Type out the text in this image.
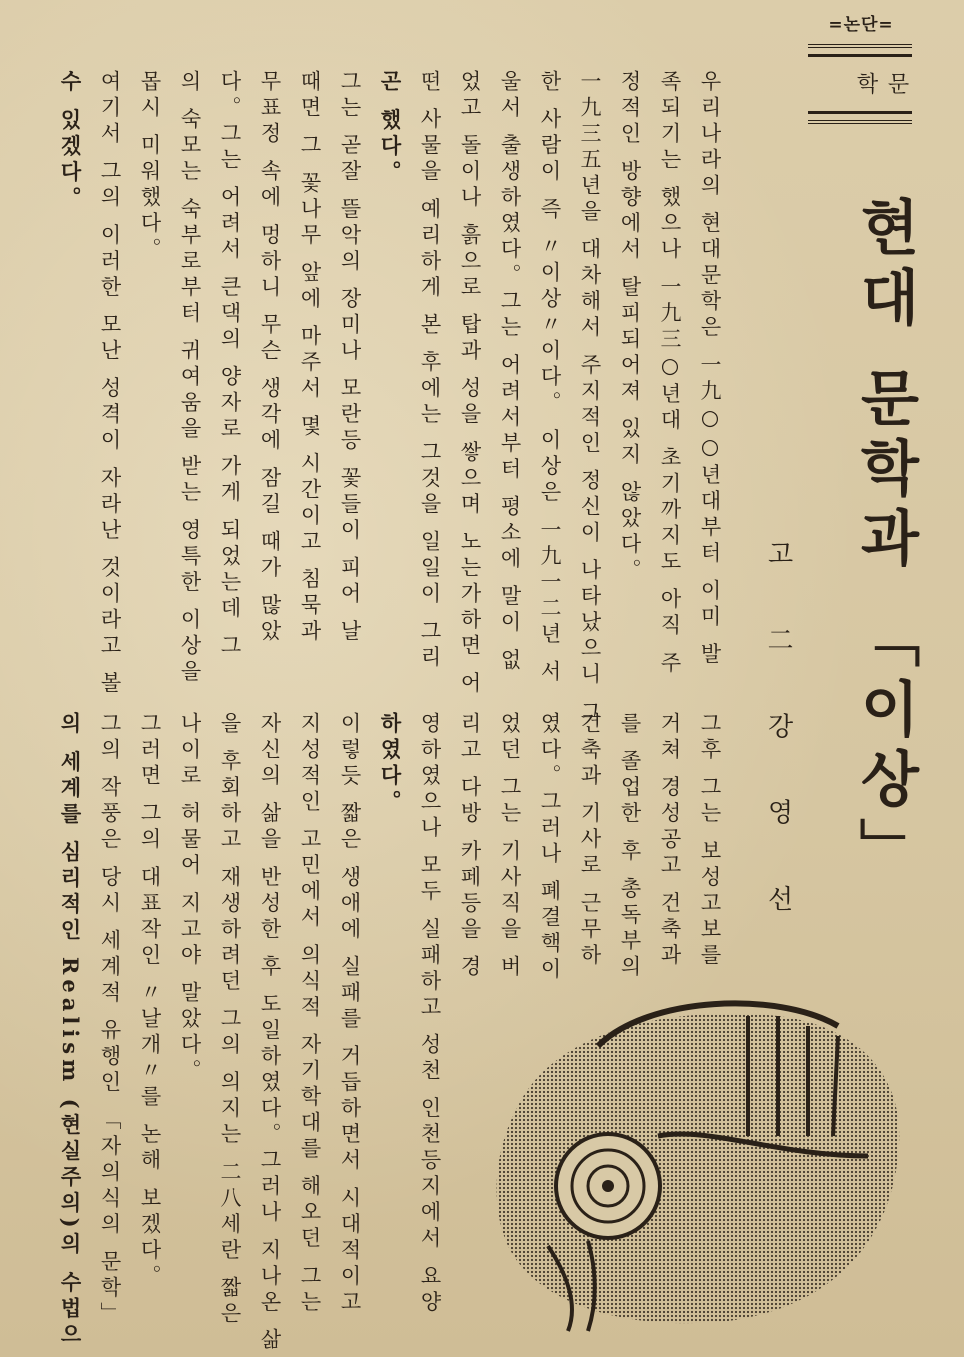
=논단=
문학
현대 문학과 「이상」
고 二 강 영 선
우리나라의 현대문학은 一九○○년대부터 이미 발
족되기는 했으나 一九三○년대 초기까지도 아직 주
정적인 방향에서 탈피되어져 있지 않았다。
一九三五년을 대차해서 주지적인 정신이 나타났으니 그
한 사람이 즉 〃이상〃이다。 이상은 一九一二년 서
울서 출생하였다。그는 어려서부터 평소에 말이 없
었고 돌이나 흙으로 탑과 성을 쌓으며 노는가하면 어
떤 사물을 예리하게 본 후에는 그것을 일일이 그리
곤 했다。
그는 곧잘 뜰악의 장미나 모란등 꽃들이 피어 날
때면 그 꽃나무 앞에 마주서 몇 시간이고 침묵과
무표정 속에 멍하니 무슨 생각에 잠길 때가 많았
다。그는 어려서 큰댁의 양자로 가게 되었는데 그
의 숙모는 숙부로부터 귀여움을 받는 영특한 이상을
몹시 미워했다。
여기서 그의 이러한 모난 성격이 자라난 것이라고 볼
수 있겠다。
그후 그는 보성고보를
거쳐 경성공고 건축과
를 졸업한 후 총독부의
건축과 기사로 근무하
였다。그러나 폐결핵이
었던 그는 기사직을 버
리고 다방 카페등을 경
영하였으나 모두 실패하고 성천 인천등지에서 요양
하였다。
이렇듯 짧은 생애에 실패를 거듭하면서 시대적이고
지성적인 고민에서 의식적 자기학대를 해오던 그는
자신의 삶을 반성한 후 도일하였다。그러나 지나온 삶
을 후회하고 재생하려던 그의 의지는 二八세란 짧은
나이로 허물어 지고야 말았다。
그러면 그의 대표작인 〃날개〃를 논해 보겠다。
그의 작풍은 당시 세계적 유행인 「자의식의 문학」
의 세계를 심리적인 Realism (현실주의)의 수법으
